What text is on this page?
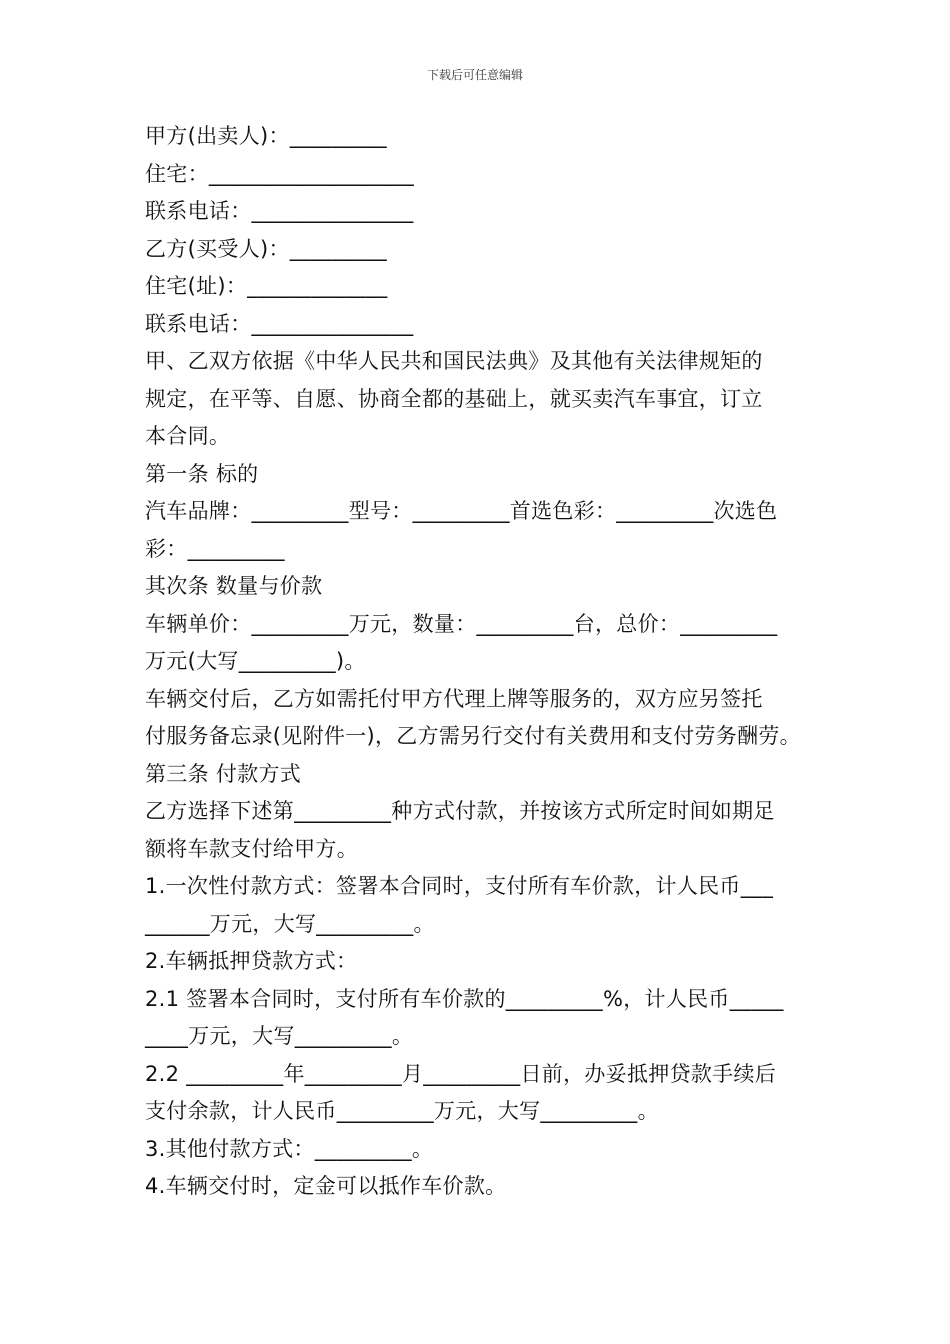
下载后可任意编辑

甲方(出卖人)：_________

住宅：___________________

联系电话：_______________

乙方(买受人)：_________

住宅(址)：_____________

联系电话：_______________

甲、乙双方依据《中华人民共和国民法典》及其他有关法律规矩的

规定，在平等、自愿、协商全都的基础上，就买卖汽车事宜，订立

本合同。

第一条 标的

汽车品牌：_________型号：_________首选色彩：_________次选色

彩：_________

其次条 数量与价款

车辆单价：_________万元，数量：_________台，总价：_________

万元(大写_________)。

车辆交付后，乙方如需托付甲方代理上牌等服务的，双方应另签托

付服务备忘录(见附件一)，乙方需另行交付有关费用和支付劳务酬劳。

第三条 付款方式

乙方选择下述第_________种方式付款，并按该方式所定时间如期足

额将车款支付给甲方。

1.一次性付款方式：签署本合同时，支付所有车价款，计人民币___

______万元，大写_________。

2.车辆抵押贷款方式：

2.1 签署本合同时，支付所有车价款的_________%，计人民币_____

____万元，大写_________。

2.2 _________年_________月_________日前，办妥抵押贷款手续后

支付余款，计人民币_________万元，大写_________。

3.其他付款方式：_________。

4.车辆交付时，定金可以抵作车价款。
